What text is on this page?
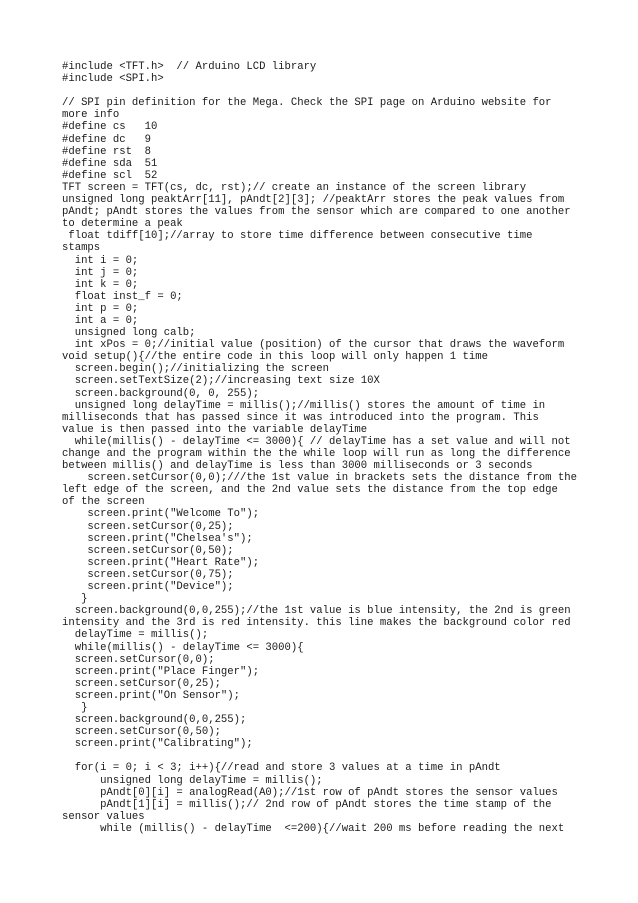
#include <TFT.h>  // Arduino LCD library
#include <SPI.h>
// SPI pin definition for the Mega. Check the SPI page on Arduino website for
more info
#define cs   10
#define dc   9
#define rst  8
#define sda  51
#define scl  52
TFT screen = TFT(cs, dc, rst);// create an instance of the screen library
unsigned long peaktArr[11], pAndt[2][3]; //peaktArr stores the peak values from
pAndt; pAndt stores the values from the sensor which are compared to one another
to determine a peak
float tdiff[10];//array to store time difference between consecutive time
stamps
int i = 0;
int j = 0;
int k = 0;
float inst_f = 0;
int p = 0;
int a = 0;
unsigned long calb;
int xPos = 0;//initial value (position) of the cursor that draws the waveform
void setup(){//the entire code in this loop will only happen 1 time
screen.begin();//initializing the screen
screen.setTextSize(2);//increasing text size 10X
screen.background(0, 0, 255);
unsigned long delayTime = millis();//millis() stores the amount of time in
milliseconds that has passed since it was introduced into the program. This
value is then passed into the variable delayTime
while(millis() - delayTime <= 3000){ // delayTime has a set value and will not
change and the program within the the while loop will run as long the difference
between millis() and delayTime is less than 3000 milliseconds or 3 seconds
screen.setCursor(0,0);///the 1st value in brackets sets the distance from the
left edge of the screen, and the 2nd value sets the distance from the top edge
of the screen
screen.print("Welcome To");
screen.setCursor(0,25);
screen.print("Chelsea's");
screen.setCursor(0,50);
screen.print("Heart Rate");
screen.setCursor(0,75);
screen.print("Device");
}
screen.background(0,0,255);//the 1st value is blue intensity, the 2nd is green
intensity and the 3rd is red intensity. this line makes the background color red
delayTime = millis();
while(millis() - delayTime <= 3000){
screen.setCursor(0,0);
screen.print("Place Finger");
screen.setCursor(0,25);
screen.print("On Sensor");
}
screen.background(0,0,255);
screen.setCursor(0,50);
screen.print("Calibrating");
for(i = 0; i < 3; i++){//read and store 3 values at a time in pAndt
unsigned long delayTime = millis();
pAndt[0][i] = analogRead(A0);//1st row of pAndt stores the sensor values
pAndt[1][i] = millis();// 2nd row of pAndt stores the time stamp of the
sensor values
while (millis() - delayTime  <=200){//wait 200 ms before reading the next
